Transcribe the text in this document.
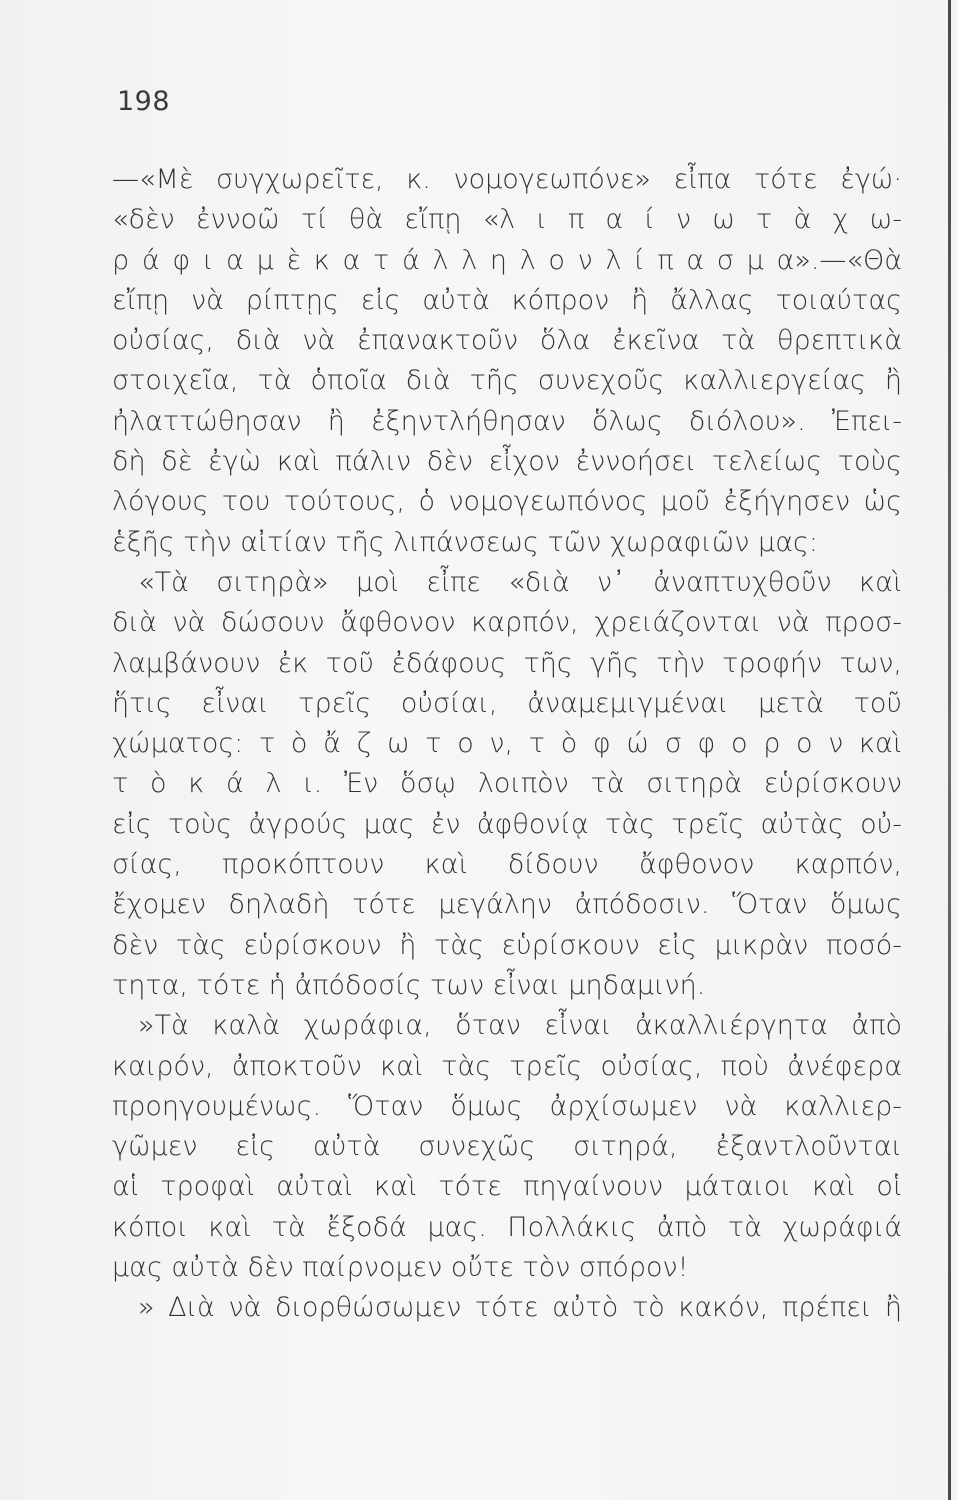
198
—«Μὲ συγχωρεῖτε, κ. νομογεωπόνε» εἶπα τότε ἐγώ·
«δὲν ἐννοῶ τί θὰ εἴπῃ «λ ι π α ί ν ω τ ὰ χ ω-
ρ ά φ ι α μ ὲ κ α τ ά λ λ η λ ο ν λ ί π α σ μ α».—«Θὰ
εἴπῃ νὰ ρίπτῃς εἰς αὐτὰ κόπρον ἢ ἄλλας τοιαύτας
οὐσίας, διὰ νὰ ἐπανακτοῦν ὅλα ἐκεῖνα τὰ θρεπτικὰ
στοιχεῖα, τὰ ὁποῖα διὰ τῆς συνεχοῦς καλλιεργείας ἢ
ἠλαττώθησαν ἢ ἐξηντλήθησαν ὅλως διόλου». Ἐπει-
δὴ δὲ ἐγὼ καὶ πάλιν δὲν εἶχον ἐννοήσει τελείως τοὺς
λόγους του τούτους, ὁ νομογεωπόνος μοῦ ἐξήγησεν ὡς
ἑξῆς τὴν αἰτίαν τῆς λιπάνσεως τῶν χωραφιῶν μας:
«Τὰ σιτηρὰ» μοὶ εἶπε «διὰ ν᾽ ἀναπτυχθοῦν καὶ
διὰ νὰ δώσουν ἄφθονον καρπόν, χρειάζονται νὰ προσ-
λαμβάνουν ἐκ τοῦ ἐδάφους τῆς γῆς τὴν τροφήν των,
ἥτις εἶναι τρεῖς οὐσίαι, ἀναμεμιγμέναι μετὰ τοῦ
χώματος: τ ὸ ἄ ζ ω τ ο ν, τ ὸ φ ώ σ φ ο ρ ο ν καὶ
τ ὸ κ ά λ ι. Ἐν ὅσῳ λοιπὸν τὰ σιτηρὰ εὑρίσκουν
εἰς τοὺς ἀγρούς μας ἐν ἀφθονίᾳ τὰς τρεῖς αὐτὰς οὐ-
σίας, προκόπτουν καὶ δίδουν ἄφθονον καρπόν,
ἔχομεν δηλαδὴ τότε μεγάλην ἀπόδοσιν. Ὅταν ὅμως
δὲν τὰς εὑρίσκουν ἢ τὰς εὑρίσκουν εἰς μικρὰν ποσό-
τητα, τότε ἡ ἀπόδοσίς των εἶναι μηδαμινή.
»Τὰ καλὰ χωράφια, ὅταν εἶναι ἀκαλλιέργητα ἀπὸ
καιρόν, ἀποκτοῦν καὶ τὰς τρεῖς οὐσίας, ποὺ ἀνέφερα
προηγουμένως. Ὅταν ὅμως ἀρχίσωμεν νὰ καλλιερ-
γῶμεν εἰς αὐτὰ συνεχῶς σιτηρά, ἐξαντλοῦνται
αἱ τροφαὶ αὐταὶ καὶ τότε πηγαίνουν μάταιοι καὶ οἱ
κόποι καὶ τὰ ἔξοδά μας. Πολλάκις ἀπὸ τὰ χωράφιά
μας αὐτὰ δὲν παίρνομεν οὔτε τὸν σπόρον!
» Διὰ νὰ διορθώσωμεν τότε αὐτὸ τὸ κακόν, πρέπει ἢ
